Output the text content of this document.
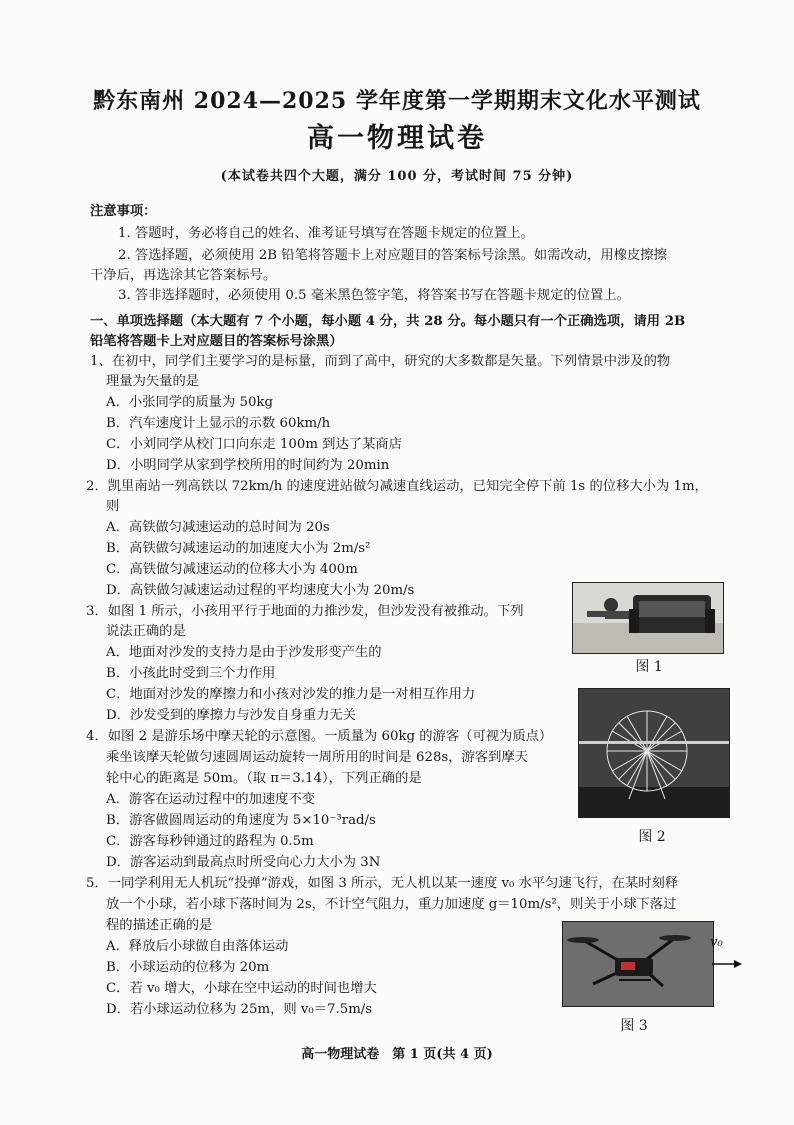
黔东南州 2024—2025 学年度第一学期期末文化水平测试
高一物理试卷
(本试卷共四个大题，满分 100 分，考试时间 75 分钟)
注意事项：
1. 答题时，务必将自己的姓名、准考证号填写在答题卡规定的位置上。
2. 答选择题，必须使用 2B 铅笔将答题卡上对应题目的答案标号涂黑。如需改动，用橡皮擦擦
干净后，再选涂其它答案标号。
3. 答非选择题时，必须使用 0.5 毫米黑色签字笔，将答案书写在答题卡规定的位置上。
一、单项选择题（本大题有 7 个小题，每小题 4 分，共 28 分。每小题只有一个正确选项，请用 2B
铅笔将答题卡上对应题目的答案标号涂黑）
1、在初中，同学们主要学习的是标量，而到了高中，研究的大多数都是矢量。下列情景中涉及的物
理量为矢量的是
A．小张同学的质量为 50kg
B．汽车速度计上显示的示数 60km/h
C．小刘同学从校门口向东走 100m 到达了某商店
D．小明同学从家到学校所用的时间约为 20min
2．凯里南站一列高铁以 72km/h 的速度进站做匀减速直线运动，已知完全停下前 1s 的位移大小为 1m，
则
A．高铁做匀减速运动的总时间为 20s
B．高铁做匀减速运动的加速度大小为 2m/s²
C．高铁做匀减速运动的位移大小为 400m
D．高铁做匀减速运动过程的平均速度大小为 20m/s
3．如图 1 所示，小孩用平行于地面的力推沙发，但沙发没有被推动。下列
说法正确的是
A．地面对沙发的支持力是由于沙发形变产生的
B．小孩此时受到三个力作用
C．地面对沙发的摩擦力和小孩对沙发的推力是一对相互作用力
D．沙发受到的摩擦力与沙发自身重力无关
图 1
4．如图 2 是游乐场中摩天轮的示意图。一质量为 60kg 的游客（可视为质点）
乘坐该摩天轮做匀速圆周运动旋转一周所用的时间是 628s，游客到摩天
轮中心的距离是 50m。（取 π＝3.14），下列正确的是
A．游客在运动过程中的加速度不变
B．游客做圆周运动的角速度为 5×10⁻³rad/s
C．游客每秒钟通过的路程为 0.5m
D．游客运动到最高点时所受向心力大小为 3N
图 2
5．一同学利用无人机玩“投弹”游戏，如图 3 所示，无人机以某一速度 v₀ 水平匀速飞行，在某时刻释
放一个小球，若小球下落时间为 2s，不计空气阻力，重力加速度 g＝10m/s²，则关于小球下落过
程的描述正确的是
A．释放后小球做自由落体运动
B．小球运动的位移为 20m
C．若 v₀ 增大，小球在空中运动的时间也增大
D．若小球运动位移为 25m，则 v₀＝7.5m/s
v₀
图 3
高一物理试卷　第 1 页(共 4 页)
